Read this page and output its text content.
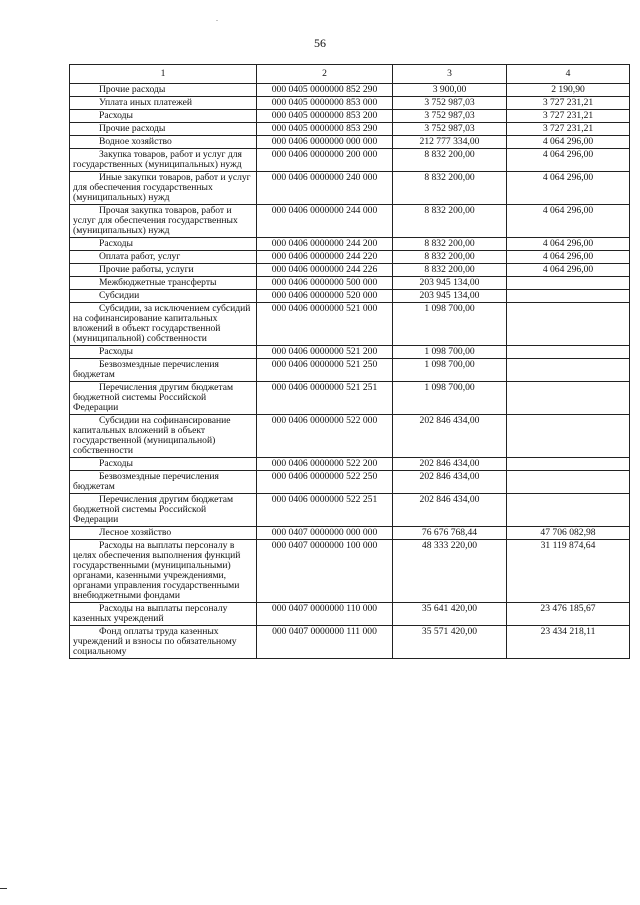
56
.
1	2	3	4

Прочие расходы	000 0405 0000000 852 290	3 900,00	2 190,90

Уплата иных платежей	000 0405 0000000 853 000	3 752 987,03	3 727 231,21

Расходы	000 0405 0000000 853 200	3 752 987,03	3 727 231,21

Прочие расходы	000 0405 0000000 853 290	3 752 987,03	3 727 231,21

Водное хозяйство	000 0406 0000000 000 000	212 777 334,00	4 064 296,00

Закупка товаров, работ и услуг для государственных (муниципальных) нужд	000 0406 0000000 200 000	8 832 200,00	4 064 296,00

Иные закупки товаров, работ и услуг для обеспечения государственных (муниципальных) нужд	000 0406 0000000 240 000	8 832 200,00	4 064 296,00

Прочая закупка товаров, работ и услуг для обеспечения государственных (муниципальных) нужд	000 0406 0000000 244 000	8 832 200,00	4 064 296,00

Расходы	000 0406 0000000 244 200	8 832 200,00	4 064 296,00

Оплата работ, услуг	000 0406 0000000 244 220	8 832 200,00	4 064 296,00

Прочие работы, услуги	000 0406 0000000 244 226	8 832 200,00	4 064 296,00

Межбюджетные трансферты	000 0406 0000000 500 000	203 945 134,00	

Субсидии	000 0406 0000000 520 000	203 945 134,00	

Субсидии, за исключением субсидий на софинансирование капитальных вложений в объект государственной (муниципальной) собственности	000 0406 0000000 521 000	1 098 700,00	

Расходы	000 0406 0000000 521 200	1 098 700,00	

Безвозмездные перечисления бюджетам	000 0406 0000000 521 250	1 098 700,00	

Перечисления другим бюджетам бюджетной системы Российской Федерации	000 0406 0000000 521 251	1 098 700,00	

Субсидии на софинансирование капитальных вложений в объект государственной (муниципальной) собственности	000 0406 0000000 522 000	202 846 434,00	

Расходы	000 0406 0000000 522 200	202 846 434,00	

Безвозмездные перечисления бюджетам	000 0406 0000000 522 250	202 846 434,00	

Перечисления другим бюджетам бюджетной системы Российской Федерации	000 0406 0000000 522 251	202 846 434,00	

Лесное хозяйство	000 0407 0000000 000 000	76 676 768,44	47 706 082,98

Расходы на выплаты персоналу в целях обеспечения выполнения функций государственными (муниципальными) органами, казенными учреждениями, органами управления государственными внебюджетными фондами	000 0407 0000000 100 000	48 333 220,00	31 119 874,64

Расходы на выплаты персоналу казенных учреждений	000 0407 0000000 110 000	35 641 420,00	23 476 185,67

Фонд оплаты труда казенных учреждений и взносы по обязательному социальному	000 0407 0000000 111 000	35 571 420,00	23 434 218,11
